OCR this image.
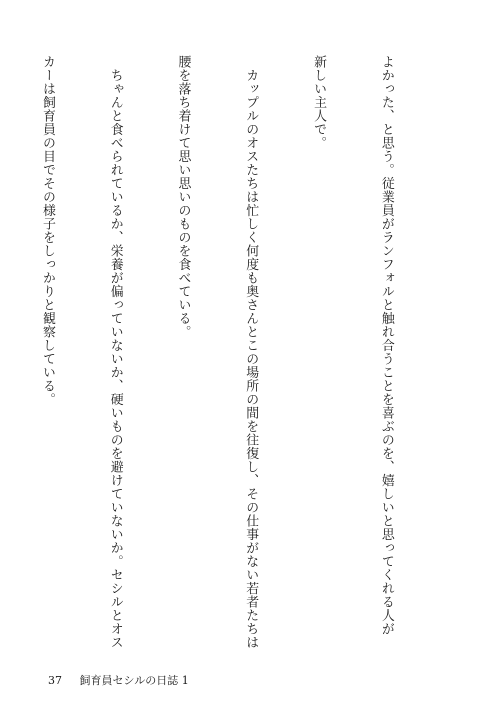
よかった、と思う。従業員がランフォルと触れ合うことを喜ぶのを、嬉しいと思ってくれる人が

新しい主人で。

　カップルのオスたちは忙しく何度も奥さんとこの場所の間を往復し、その仕事がない若者たちは

腰を落ち着けて思い思いのものを食べている。

　ちゃんと食べられているか、栄養が偏っていないか、硬いものを避けていないか。セシルとオス

カーは飼育員の目でその様子をしっかりと観察している。

37 飼育員セシルの日誌 1
